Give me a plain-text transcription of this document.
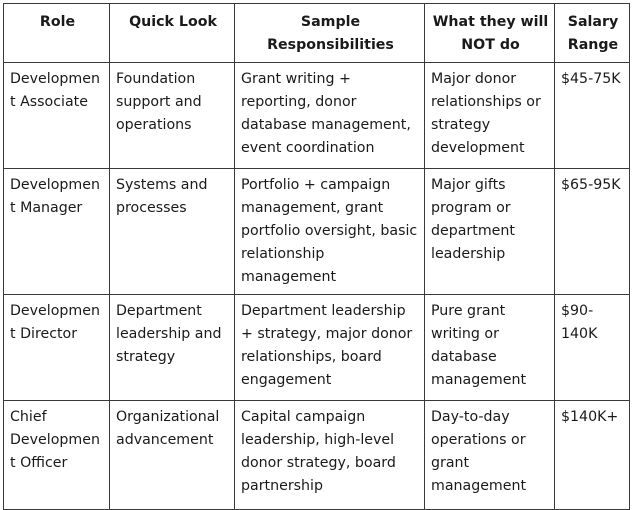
Role	Quick Look	Sample Responsibilities	What they will NOT do	Salary Range
Development Associate	Foundation support and operations	Grant writing + reporting, donor database management, event coordination	Major donor relationships or strategy development	$45-75K
Development Manager	Systems and processes	Portfolio + campaign management, grant portfolio oversight, basic relationship management	Major gifts program or department leadership	$65-95K
Development Director	Department leadership and strategy	Department leadership + strategy, major donor relationships, board engagement	Pure grant writing or database management	$90-140K
Chief Development Officer	Organizational advancement	Capital campaign leadership, high-level donor strategy, board partnership	Day-to-day operations or grant management	$140K+
